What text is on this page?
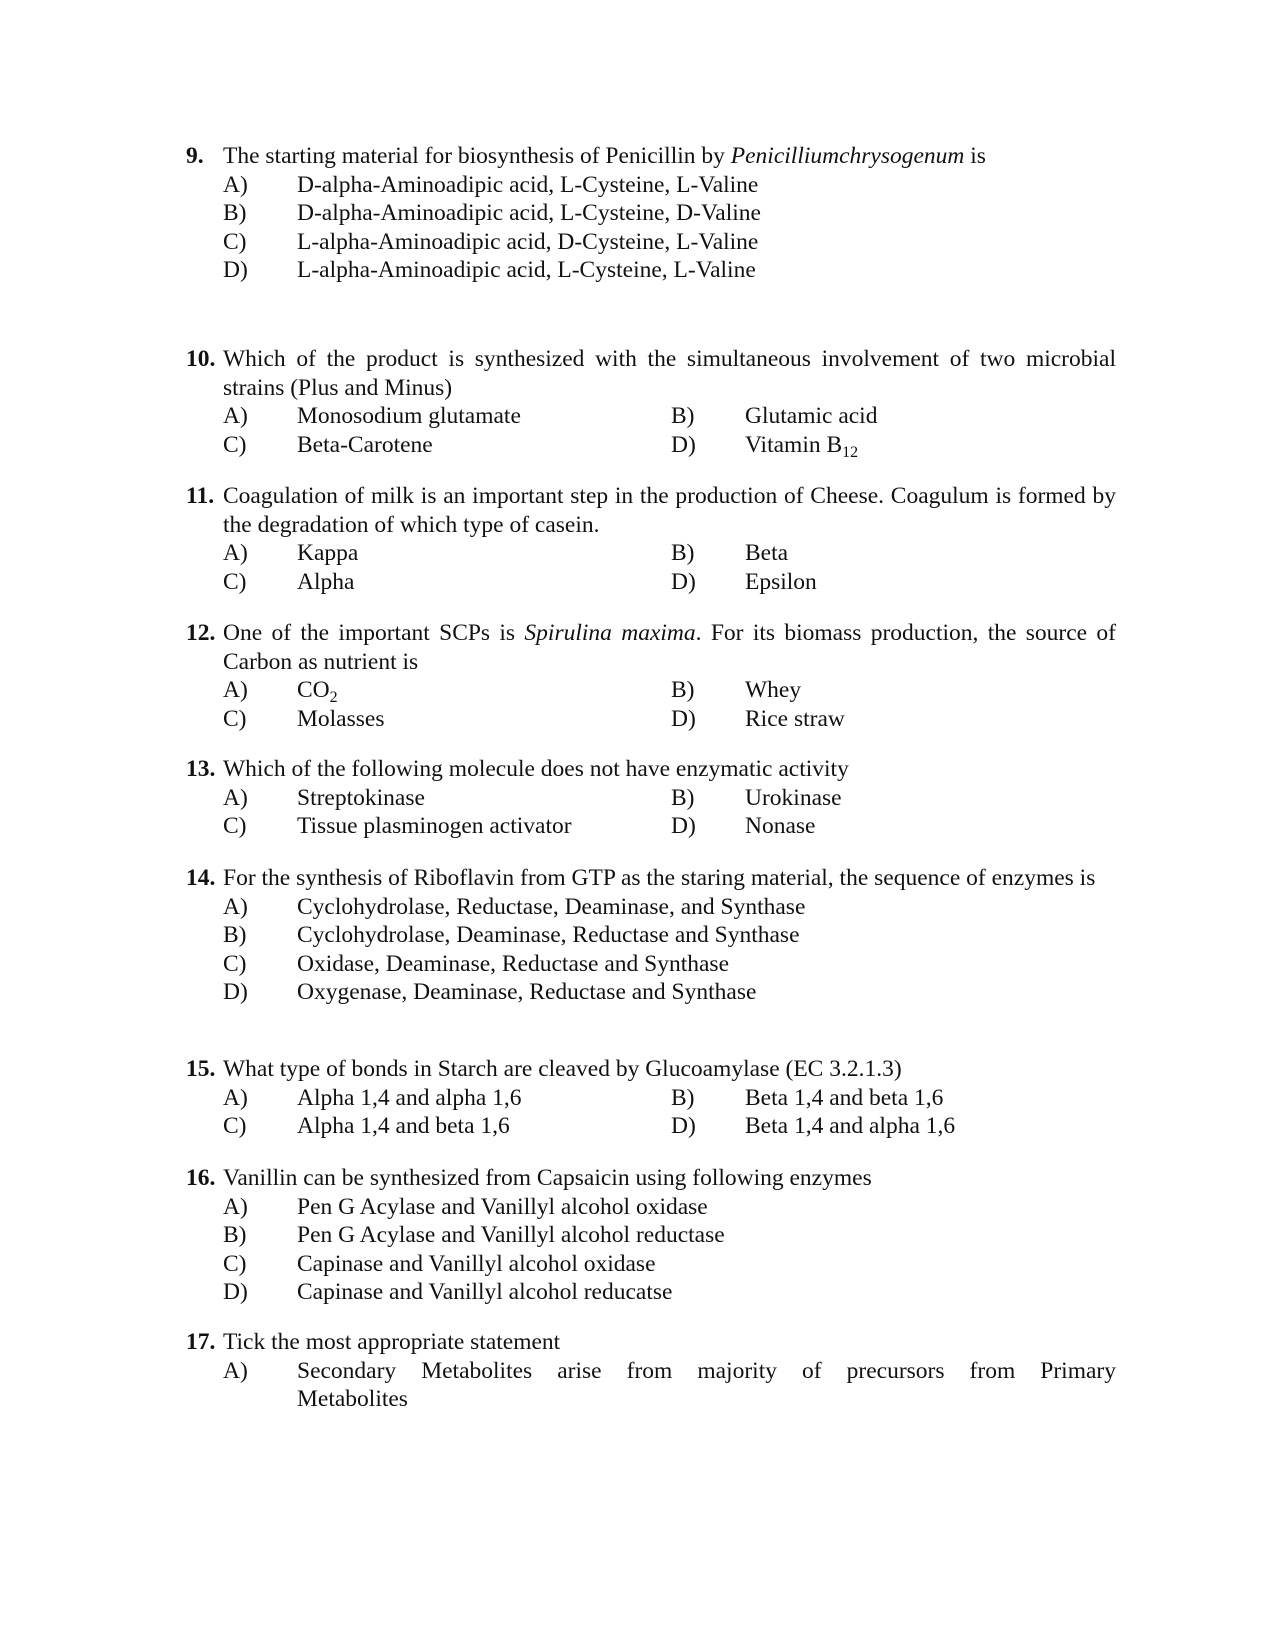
9. The starting material for biosynthesis of Penicillin by Penicilliumchrysogenum is
A) D-alpha-Aminoadipic acid, L-Cysteine, L-Valine
B) D-alpha-Aminoadipic acid, L-Cysteine, D-Valine
C) L-alpha-Aminoadipic acid, D-Cysteine, L-Valine
D) L-alpha-Aminoadipic acid, L-Cysteine, L-Valine
10. Which of the product is synthesized with the simultaneous involvement of two microbial strains (Plus and Minus)
A) Monosodium glutamate	B) Glutamic acid
C) Beta-Carotene	D) Vitamin $B_{12}$
11. Coagulation of milk is an important step in the production of Cheese. Coagulum is formed by the degradation of which type of casein.
A) Kappa	B) Beta
C) Alpha	D) Epsilon
12. One of the important SCPs is Spirulina maxima. For its biomass production, the source of Carbon as nutrient is
A) $CO_2$	B) Whey
C) Molasses	D) Rice straw
13. Which of the following molecule does not have enzymatic activity
A) Streptokinase	B) Urokinase
C) Tissue plasminogen activator	D) Nonase
14. For the synthesis of Riboflavin from GTP as the staring material, the sequence of enzymes is
A) Cyclohydrolase, Reductase, Deaminase, and Synthase
B) Cyclohydrolase, Deaminase, Reductase and Synthase
C) Oxidase, Deaminase, Reductase and Synthase
D) Oxygenase, Deaminase, Reductase and Synthase
15. What type of bonds in Starch are cleaved by Glucoamylase (EC 3.2.1.3)
A) Alpha 1,4 and alpha 1,6	B) Beta 1,4 and beta 1,6
C) Alpha 1,4 and beta 1,6	D) Beta 1,4 and alpha 1,6
16. Vanillin can be synthesized from Capsaicin using following enzymes
A) Pen G Acylase and Vanillyl alcohol oxidase
B) Pen G Acylase and Vanillyl alcohol reductase
C) Capinase and Vanillyl alcohol oxidase
D) Capinase and Vanillyl alcohol reducatse
17. Tick the most appropriate statement
A) Secondary Metabolites arise from majority of precursors from Primary
Metabolites
